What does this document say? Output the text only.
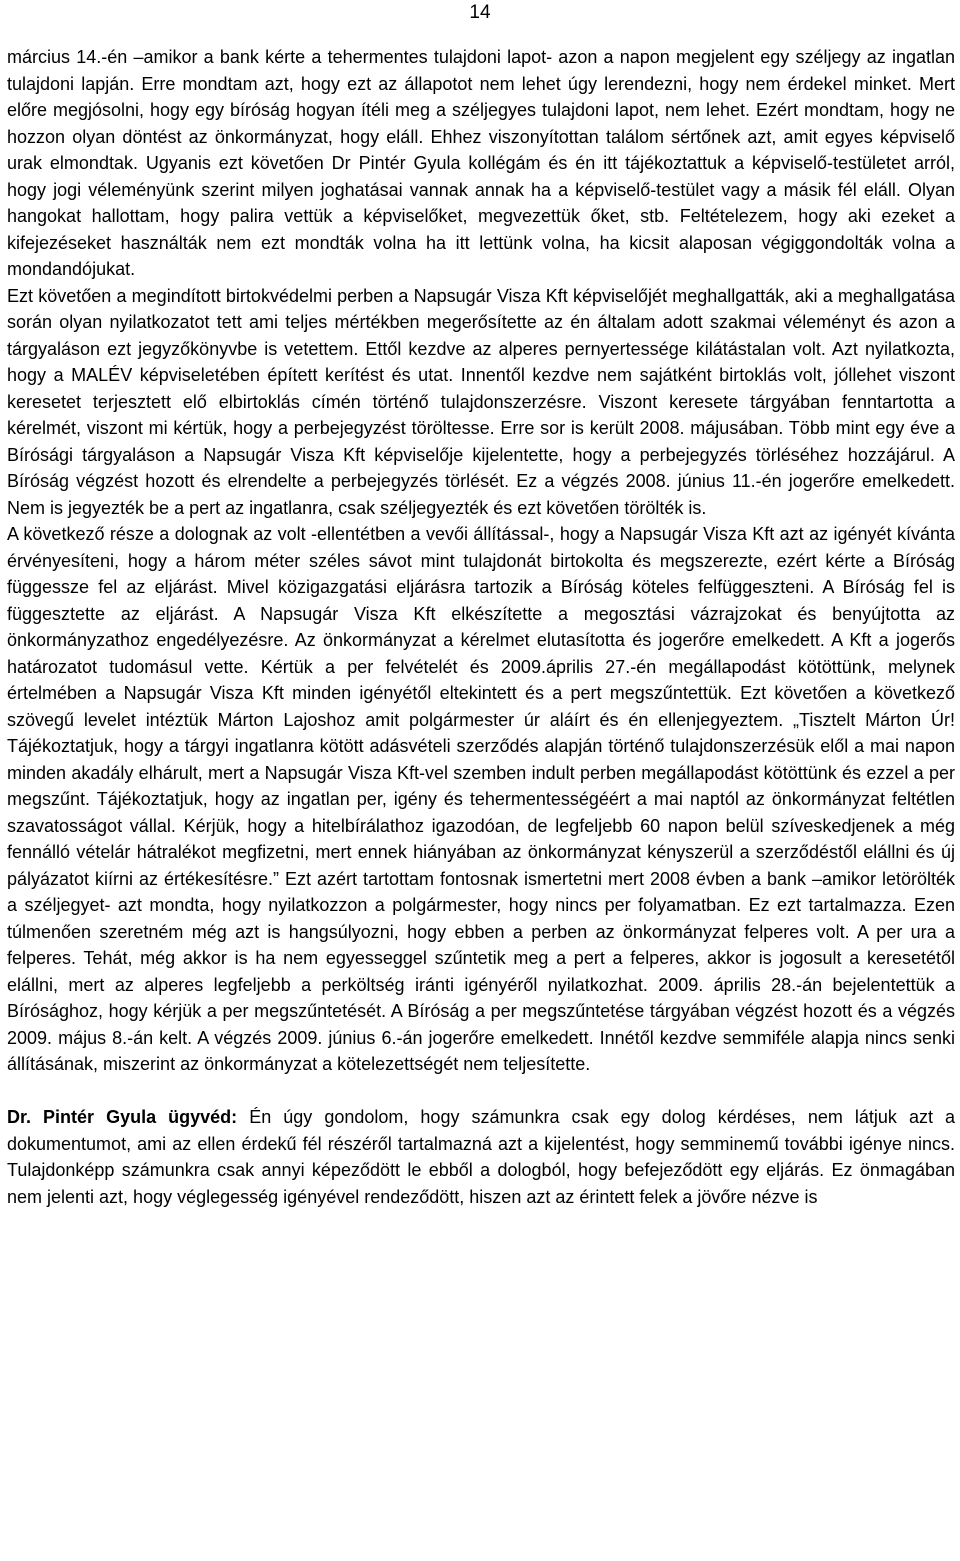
14

március 14.-én –amikor a bank kérte a tehermentes tulajdoni lapot- azon a napon megjelent egy széljegy az ingatlan tulajdoni lapján. Erre mondtam azt, hogy ezt az állapotot nem lehet úgy lerendezni, hogy nem érdekel minket. Mert előre megjósolni, hogy egy bíróság hogyan ítéli meg a széljegyes tulajdoni lapot, nem lehet. Ezért mondtam, hogy ne hozzon olyan döntést az önkormányzat, hogy eláll. Ehhez viszonyítottan találom sértőnek azt, amit egyes képviselő urak elmondtak. Ugyanis ezt követően Dr Pintér Gyula kollégám és én itt tájékoztattuk a képviselő-testületet arról, hogy jogi véleményünk szerint milyen joghatásai vannak annak ha a képviselő-testület vagy a másik fél eláll. Olyan hangokat hallottam, hogy palira vettük a képviselőket, megvezettük őket, stb. Feltételezem, hogy aki ezeket a kifejezéseket használták nem ezt mondták volna ha itt lettünk volna, ha kicsit alaposan végiggondolták volna a mondandójukat.

Ezt követően a megindított birtokvédelmi perben a Napsugár Visza Kft képviselőjét meghallgatták, aki a meghallgatása során olyan nyilatkozatot tett ami teljes mértékben megerősítette az én általam adott szakmai véleményt és azon a tárgyaláson ezt jegyzőkönyvbe is vetettem. Ettől kezdve az alperes pernyertessége kilátástalan volt. Azt nyilatkozta, hogy a MALÉV képviseletében épített kerítést és utat. Innentől kezdve nem sajátként birtoklás volt, jóllehet viszont keresetet terjesztett elő elbirtoklás címén történő tulajdonszerzésre. Viszont keresete tárgyában fenntartotta a kérelmét, viszont mi kértük, hogy a perbejegyzést töröltesse. Erre sor is került 2008. májusában. Több mint egy éve a Bírósági tárgyaláson a Napsugár Visza Kft képviselője kijelentette, hogy a perbejegyzés törléséhez hozzájárul. A Bíróság végzést hozott és elrendelte a perbejegyzés törlését. Ez a végzés 2008. június 11.-én jogerőre emelkedett. Nem is jegyezték be a pert az ingatlanra, csak széljegyezték és ezt követően törölték is.

A következő része a dolognak az volt -ellentétben a vevői állítással-, hogy a Napsugár Visza Kft azt az igényét kívánta érvényesíteni, hogy a három méter széles sávot mint tulajdonát birtokolta és megszerezte, ezért kérte a Bíróság függessze fel az eljárást. Mivel közigazgatási eljárásra tartozik a Bíróság köteles felfüggeszteni. A Bíróság fel is függesztette az eljárást. A Napsugár Visza Kft elkészítette a megosztási vázrajzokat és benyújtotta az önkormányzathoz engedélyezésre. Az önkormányzat a kérelmet elutasította és jogerőre emelkedett. A Kft a jogerős határozatot tudomásul vette. Kértük a per felvételét és 2009.április 27.-én megállapodást kötöttünk, melynek értelmében a Napsugár Visza Kft minden igényétől eltekintett és a pert megszűntettük. Ezt követően a következő szövegű levelet intéztük Márton Lajoshoz amit polgármester úr aláírt és én ellenjegyeztem. „Tisztelt Márton Úr! Tájékoztatjuk, hogy a tárgyi ingatlanra kötött adásvételi szerződés alapján történő tulajdonszerzésük elől a mai napon minden akadály elhárult, mert a Napsugár Visza Kft-vel szemben indult perben megállapodást kötöttünk és ezzel a per megszűnt. Tájékoztatjuk, hogy az ingatlan per, igény és tehermentességéért a mai naptól az önkormányzat feltétlen szavatosságot vállal. Kérjük, hogy a hitelbírálathoz igazodóan, de legfeljebb 60 napon belül szíveskedjenek a még fennálló vételár hátralékot megfizetni, mert ennek hiányában az önkormányzat kényszerül a szerződéstől elállni és új pályázatot kiírni az értékesítésre.” Ezt azért tartottam fontosnak ismertetni mert 2008 évben a bank –amikor letörölték a széljegyet- azt mondta, hogy nyilatkozzon a polgármester, hogy nincs per folyamatban. Ez ezt tartalmazza. Ezen túlmenően szeretném még azt is hangsúlyozni, hogy ebben a perben az önkormányzat felperes volt. A per ura a felperes. Tehát, még akkor is ha nem egyesseggel szűntetik meg a pert a felperes, akkor is jogosult a keresetétől elállni, mert az alperes legfeljebb a perköltség iránti igényéről nyilatkozhat. 2009. április 28.-án bejelentettük a Bírósághoz, hogy kérjük a per megszűntetését. A Bíróság a per megszűntetése tárgyában végzést hozott és a végzés 2009. május 8.-án kelt. A végzés 2009. június 6.-án jogerőre emelkedett. Innétől kezdve semmiféle alapja nincs senki állításának, miszerint az önkormányzat a kötelezettségét nem teljesítette.

Dr. Pintér Gyula ügyvéd: Én úgy gondolom, hogy számunkra csak egy dolog kérdéses, nem látjuk azt a dokumentumot, ami az ellen érdekű fél részéről tartalmazná azt a kijelentést, hogy semminemű további igénye nincs. Tulajdonképp számunkra csak annyi képeződött le ebből a dologból, hogy befejeződött egy eljárás. Ez önmagában nem jelenti azt, hogy véglegesség igényével rendeződött, hiszen azt az érintett felek a jövőre nézve is
